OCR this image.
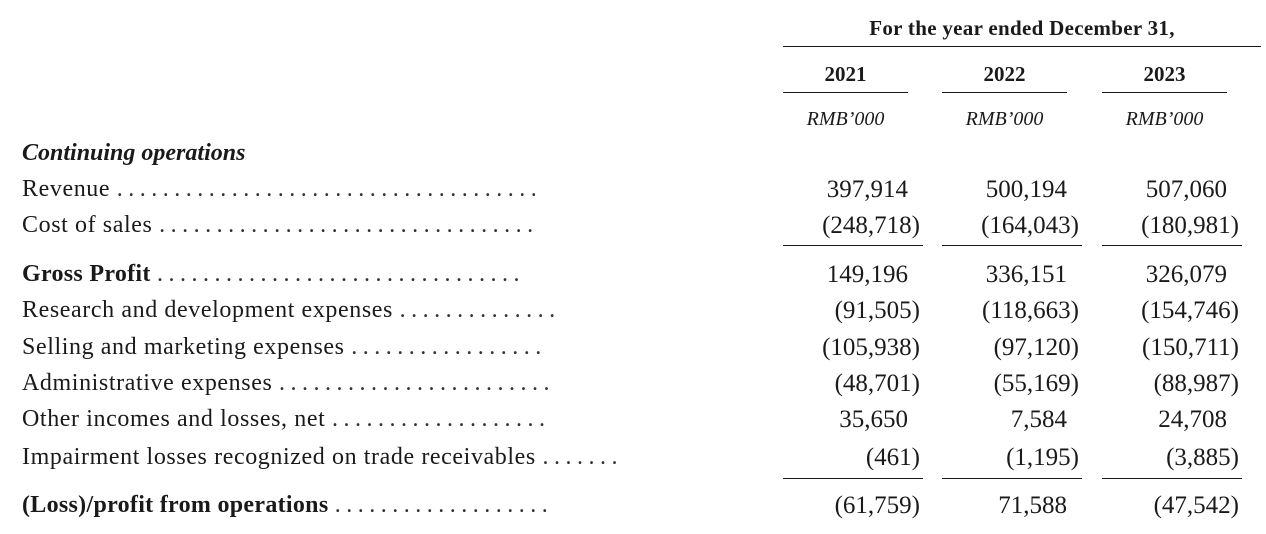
For the year ended December 31,
2021	2022	2023
RMB’000	RMB’000	RMB’000
Continuing operations
Revenue .....................................	397,914	500,194	507,060
Cost of sales .................................	(248,718)	(164,043)	(180,981)
Gross Profit ................................	149,196	336,151	326,079
Research and development expenses ..............	(91,505)	(118,663)	(154,746)
Selling and marketing expenses .................	(105,938)	(97,120)	(150,711)
Administrative expenses ........................	(48,701)	(55,169)	(88,987)
Other incomes and losses, net ...................	35,650	7,584	24,708
Impairment losses recognized on trade receivables .......	(461)	(1,195)	(3,885)
(Loss)/profit from operations ...................	(61,759)	71,588	(47,542)
